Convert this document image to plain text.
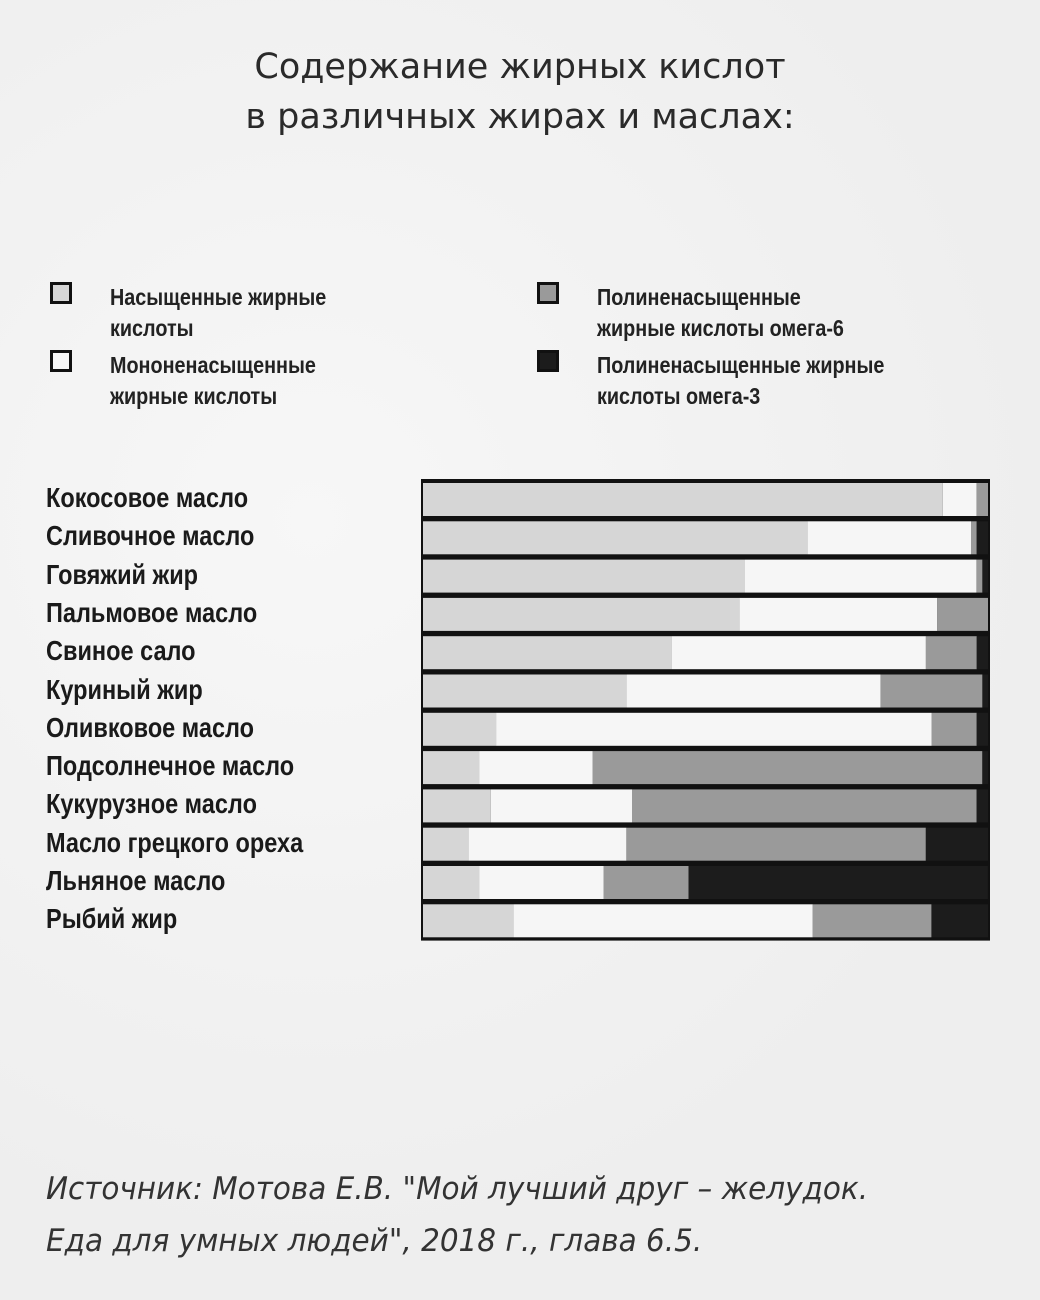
Содержание жирных кислот
в различных жирах и маслах:
Насыщенные жирные
кислоты
Мононенасыщенные
жирные кислоты
Полиненасыщенные
жирные кислоты омега-6
Полиненасыщенные жирные
кислоты омега-3
Кокосовое масло
Сливочное масло
Говяжий жир
Пальмовое масло
Свиное сало
Куриный жир
Оливковое масло
Подсолнечное масло
Кукурузное масло
Масло грецкого ореха
Льняное масло
Рыбий жир
Источник: Мотова Е.В. "Мой лучший друг – желудок.
Еда для умных людей", 2018 г., глава 6.5.
